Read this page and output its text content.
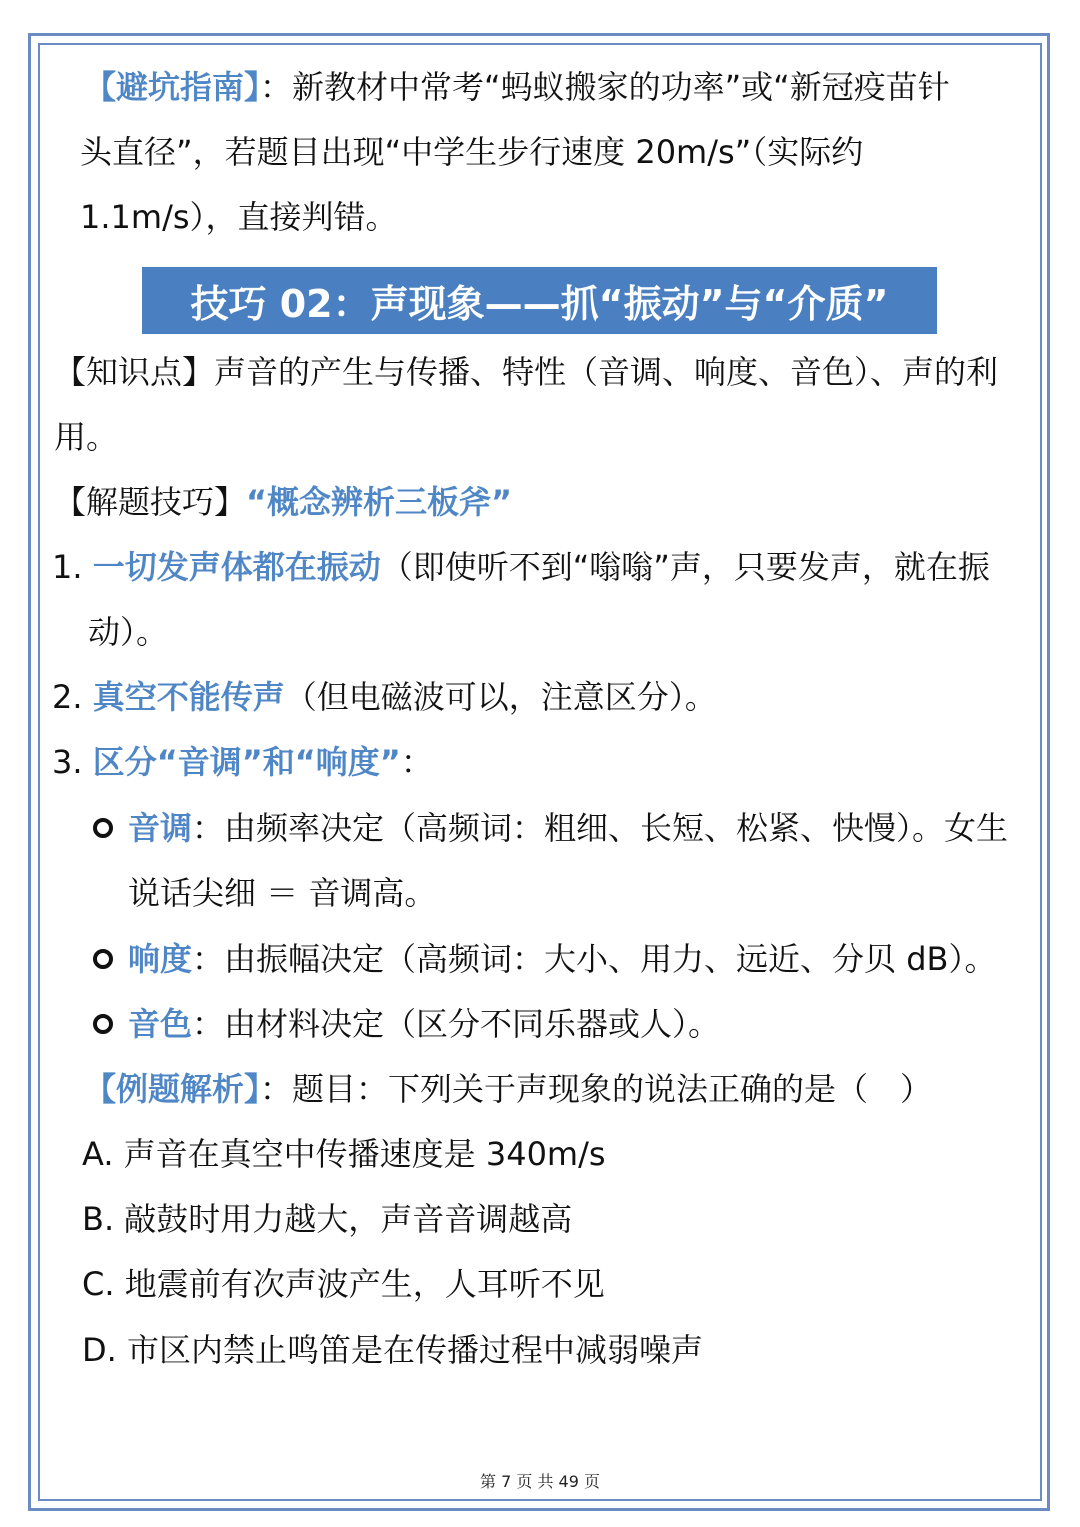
【避坑指南】：新教材中常考“蚂蚁搬家的功率”或“新冠疫苗针
头直径”，若题目出现“中学生步行速度 20m/s”（实际约
1.1m/s），直接判错。
技巧 02：声现象——抓“振动”与“介质”
【知识点】声音的产生与传播、特性（音调、响度、音色）、声的利
用。
【解题技巧】“概念辨析三板斧”
1. 一切发声体都在振动（即使听不到“嗡嗡”声，只要发声，就在振
动）。
2. 真空不能传声（但电磁波可以，注意区分）。
3. 区分“音调”和“响度”：
音调：由频率决定（高频词：粗细、长短、松紧、快慢）。女生
说话尖细 ＝ 音调高。
响度：由振幅决定（高频词：大小、用力、远近、分贝 dB）。
音色：由材料决定（区分不同乐器或人）。
【例题解析】：题目：下列关于声现象的说法正确的是（　）
A. 声音在真空中传播速度是 340m/s
B. 敲鼓时用力越大，声音音调越高
C. 地震前有次声波产生，人耳听不见
D. 市区内禁止鸣笛是在传播过程中减弱噪声
第 7 页 共 49 页
